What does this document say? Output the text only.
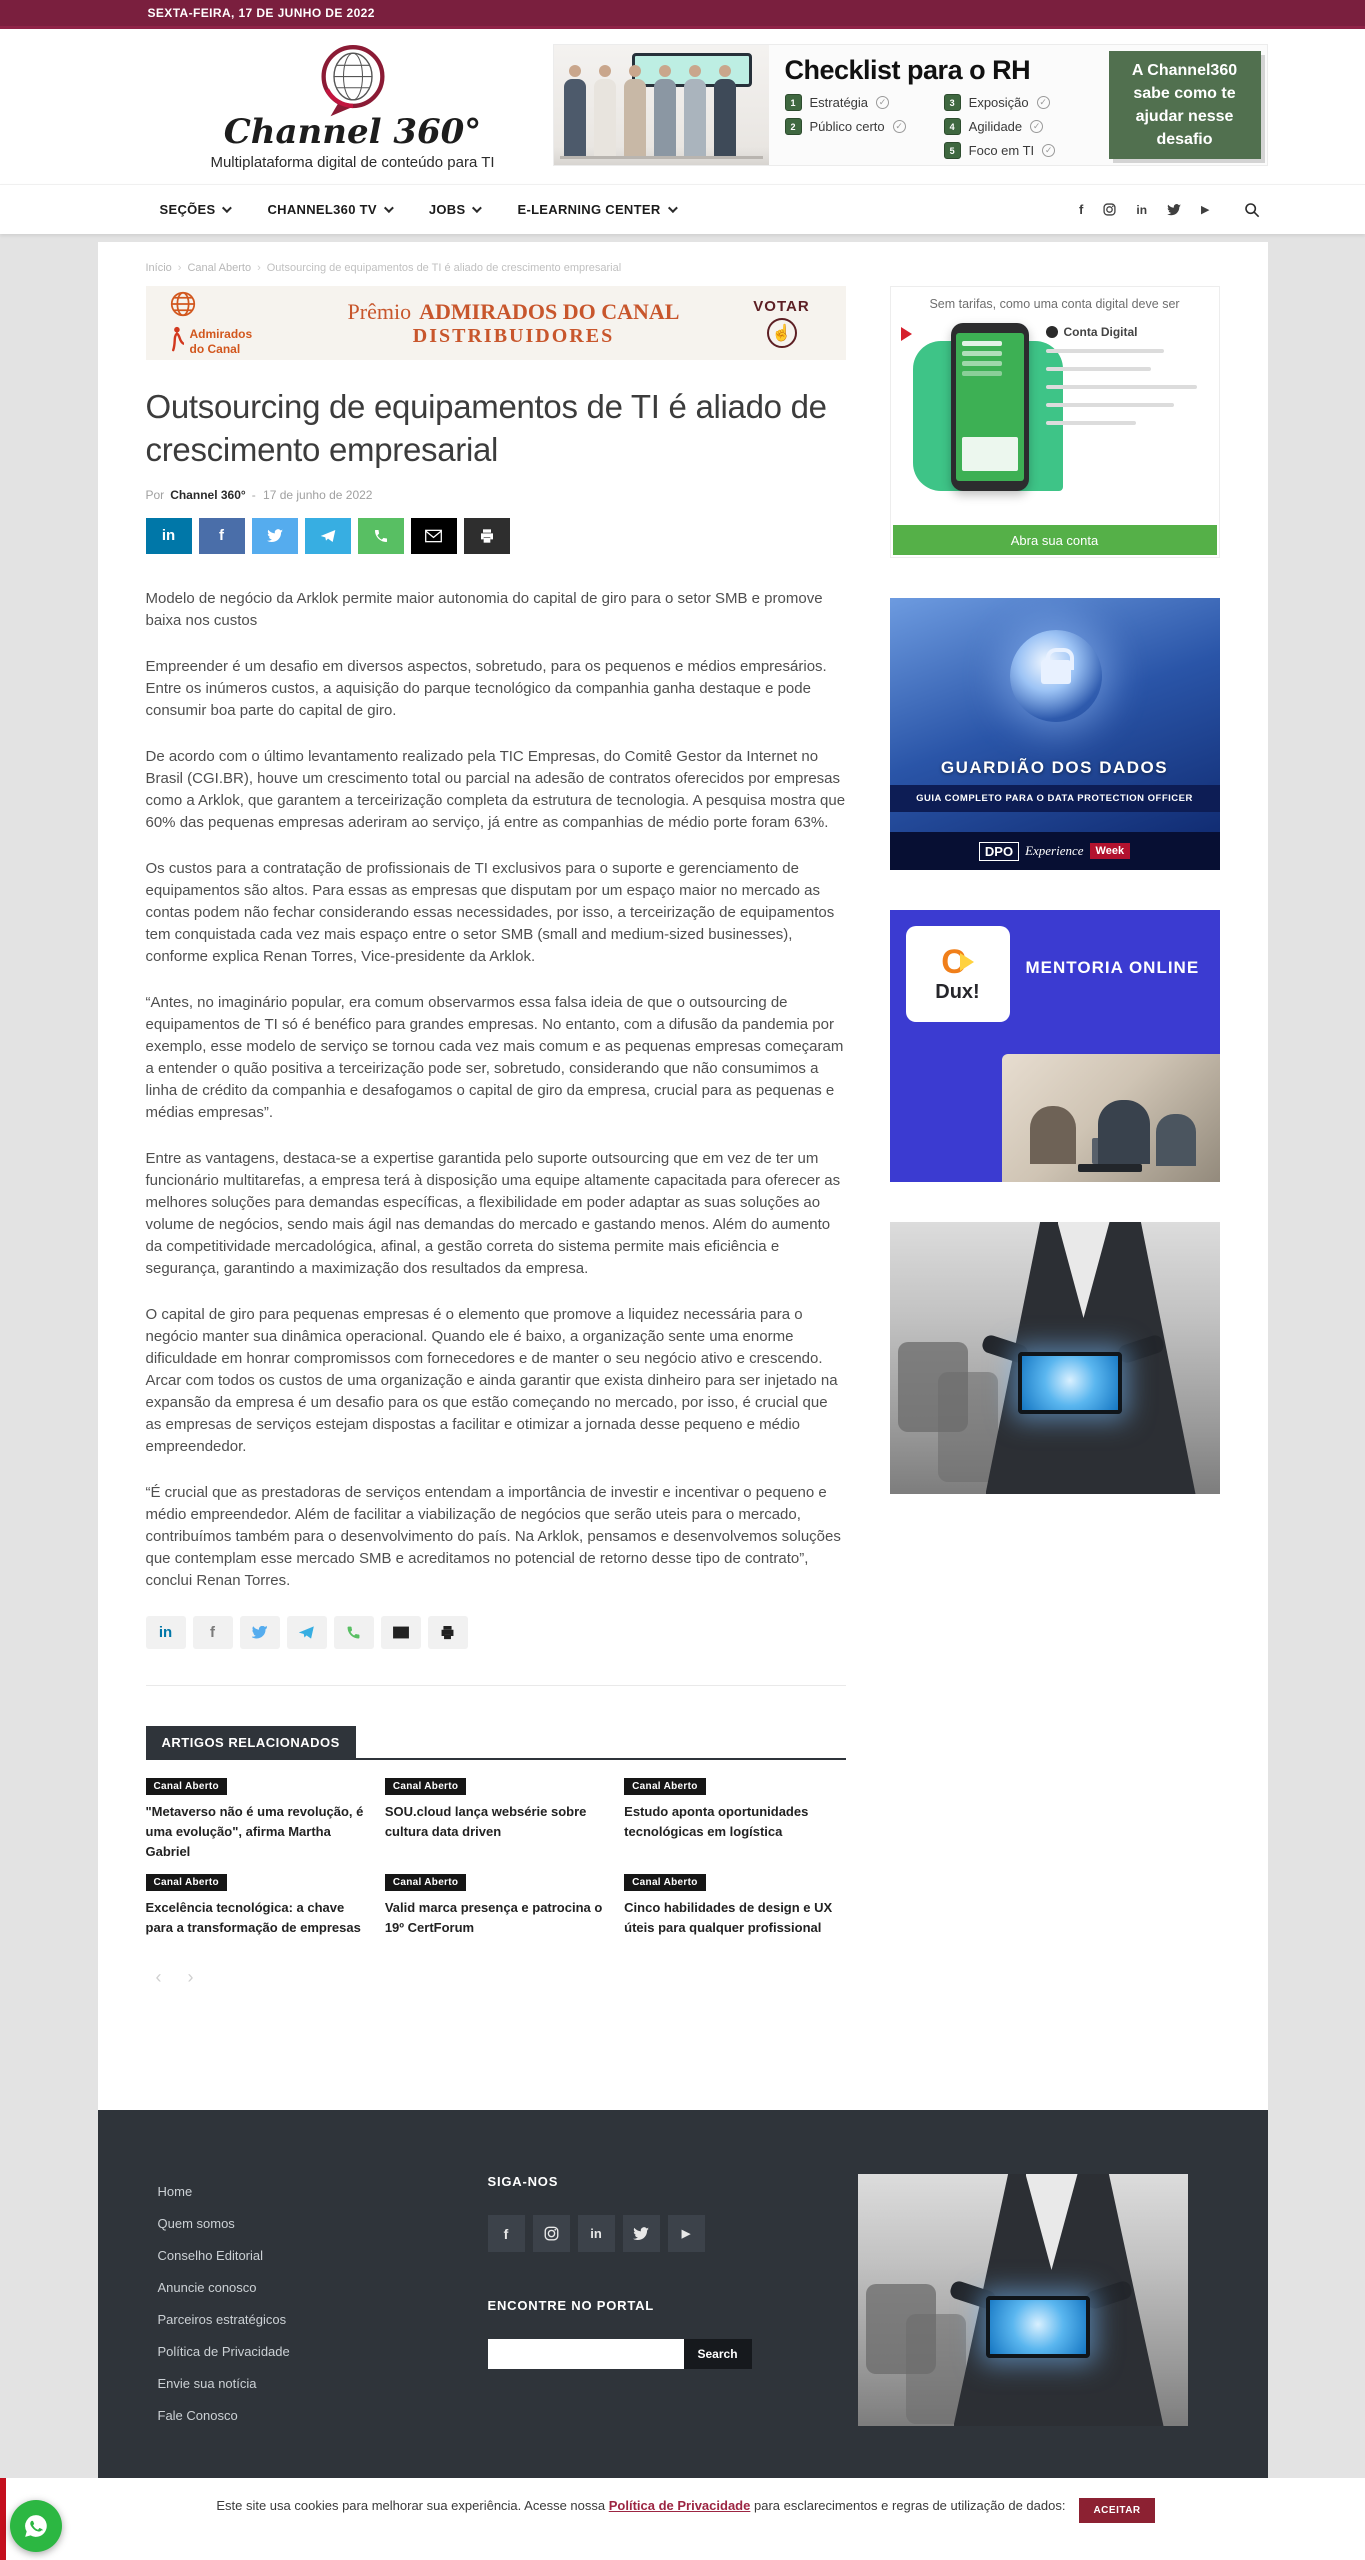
SEXTA-FEIRA, 17 DE JUNHO DE 2022
Channel 360°
Multiplataforma digital de conteúdo para TI
Checklist para o RH
1	Estratégia	✓
2	Público certo	✓
3	Exposição	✓
4	Agilidade	✓
5	Foco em TI	✓
A Channel360 sabe como te ajudar nesse desafio
SEÇÕES	CHANNEL360 TV	JOBS	E-LEARNING CENTER	f	in	▶
Início › Canal Aberto › Outsourcing de equipamentos de TI é aliado de crescimento empresarial
Admirados
do Canal
Prêmio ADMIRADOS DO CANAL
DISTRIBUIDORES
VOTAR
☝
Outsourcing de equipamentos de TI é aliado de crescimento empresarial
Por Channel 360° - 17 de junho de 2022
in	f

Modelo de negócio da Arklok permite maior autonomia do capital de giro para o setor SMB e promove baixa nos custos

Empreender é um desafio em diversos aspectos, sobretudo, para os pequenos e médios empresários. Entre os inúmeros custos, a aquisição do parque tecnológico da companhia ganha destaque e pode consumir boa parte do capital de giro.

De acordo com o último levantamento realizado pela TIC Empresas, do Comitê Gestor da Internet no Brasil (CGI.BR), houve um crescimento total ou parcial na adesão de contratos oferecidos por empresas como a Arklok, que garantem a terceirização completa da estrutura de tecnologia. A pesquisa mostra que 60% das pequenas empresas aderiram ao serviço, já entre as companhias de médio porte foram 63%.

Os custos para a contratação de profissionais de TI exclusivos para o suporte e gerenciamento de equipamentos são altos. Para essas as empresas que disputam por um espaço maior no mercado as contas podem não fechar considerando essas necessidades, por isso, a terceirização de equipamentos tem conquistada cada vez mais espaço entre o setor SMB (small and medium-sized businesses), conforme explica Renan Torres, Vice-presidente da Arklok.

“Antes, no imaginário popular, era comum observarmos essa falsa ideia de que o outsourcing de equipamentos de TI só é benéfico para grandes empresas. No entanto, com a difusão da pandemia por exemplo, esse modelo de serviço se tornou cada vez mais comum e as pequenas empresas começaram a entender o quão positiva a terceirização pode ser, sobretudo, considerando que não consumimos a linha de crédito da companhia e desafogamos o capital de giro da empresa, crucial para as pequenas e médias empresas”.

Entre as vantagens, destaca-se a expertise garantida pelo suporte outsourcing que em vez de ter um funcionário multitarefas, a empresa terá à disposição uma equipe altamente capacitada para oferecer as melhores soluções para demandas específicas, a flexibilidade em poder adaptar as suas soluções ao volume de negócios, sendo mais ágil nas demandas do mercado e gastando menos. Além do aumento da competitividade mercadológica, afinal, a gestão correta do sistema permite mais eficiência e segurança, garantindo a maximização dos resultados da empresa.

O capital de giro para pequenas empresas é o elemento que promove a liquidez necessária para o negócio manter sua dinâmica operacional. Quando ele é baixo, a organização sente uma enorme dificuldade em honrar compromissos com fornecedores e de manter o seu negócio ativo e crescendo. Arcar com todos os custos de uma organização e ainda garantir que exista dinheiro para ser injetado na expansão da empresa é um desafio para os que estão começando no mercado, por isso, é crucial que as empresas de serviços estejam dispostas a facilitar e otimizar a jornada desse pequeno e médio empreendedor.

“É crucial que as prestadoras de serviços entendam a importância de investir e incentivar o pequeno e médio empreendedor. Além de facilitar a viabilização de negócios que serão uteis para o mercado, contribuímos também para o desenvolvimento do país. Na Arklok, pensamos e desenvolvemos soluções que contemplam esse mercado SMB e acreditamos no potencial de retorno desse tipo de contrato”, conclui Renan Torres.

in	f
ARTIGOS RELACIONADOS
Canal Aberto
"Metaverso não é uma revolução, é uma evolução", afirma Martha Gabriel
Canal Aberto
SOU.cloud lança websérie sobre cultura data driven
Canal Aberto
Estudo aponta oportunidades tecnológicas em logística
Canal Aberto
Excelência tecnológica: a chave para a transformação de empresas
Canal Aberto
Valid marca presença e patrocina o 19º CertForum
Canal Aberto
Cinco habilidades de design e UX úteis para qualquer profissional
‹	›
Sem tarifas, como uma conta digital deve ser
Conta Digital
Abra sua conta
GUARDIÃO DOS DADOS
GUIA COMPLETO PARA O DATA PROTECTION OFFICER
DPO Experience	Week
C
Dux!
MENTORIA ONLINE
Home
Quem somos
Conselho Editorial
Anuncie conosco
Parceiros estratégicos
Política de Privacidade
Envie sua notícia
Fale Conosco
SIGA-NOS
f	in	▶
ENCONTRE NO PORTAL
Search
Este site usa cookies para melhorar sua experiência. Acesse nossa Política de Privacidade para esclarecimentos e regras de utilização de dados:	ACEITAR
